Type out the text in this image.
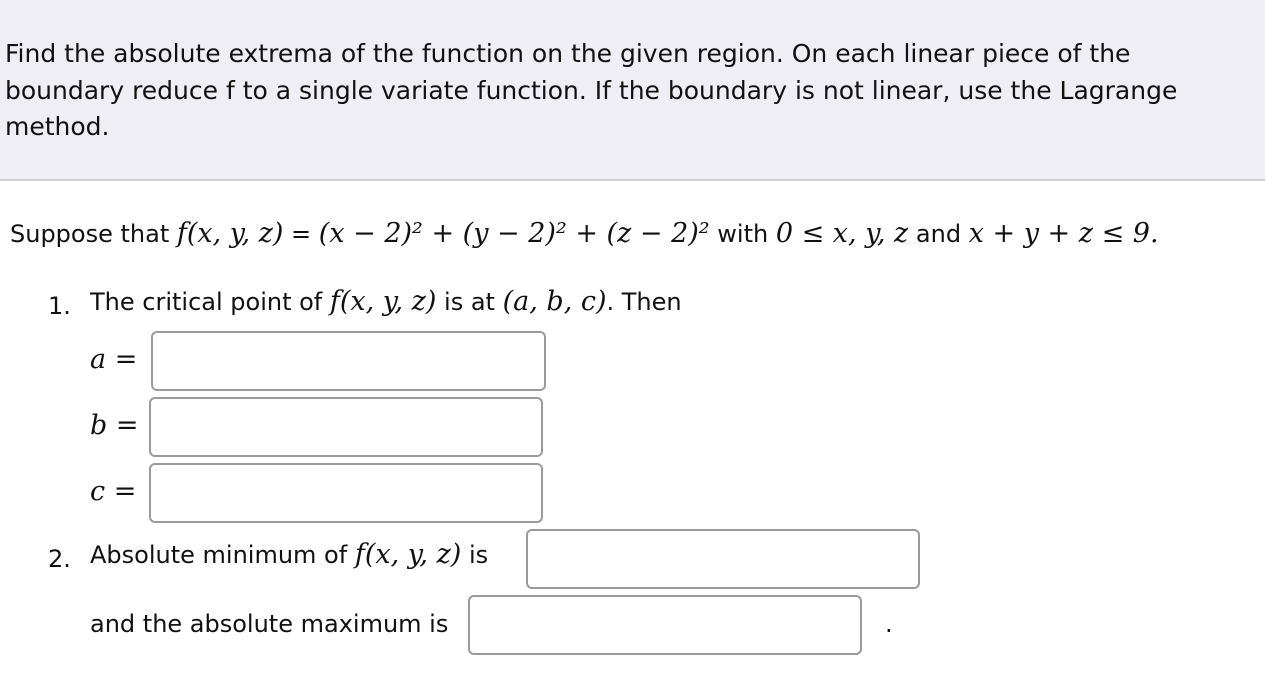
Find the absolute extrema of the function on the given region. On each linear piece of the boundary reduce f to a single variate function. If the boundary is not linear, use the Lagrange method.

Suppose that f(x, y, z) = (x − 2)² + (y − 2)² + (z − 2)² with 0 ≤ x, y, z and x + y + z ≤ 9.
1. The critical point of f(x, y, z) is at (a, b, c). Then
a =
b =
c =
2. Absolute minimum of f(x, y, z) is
and the absolute maximum is	.
